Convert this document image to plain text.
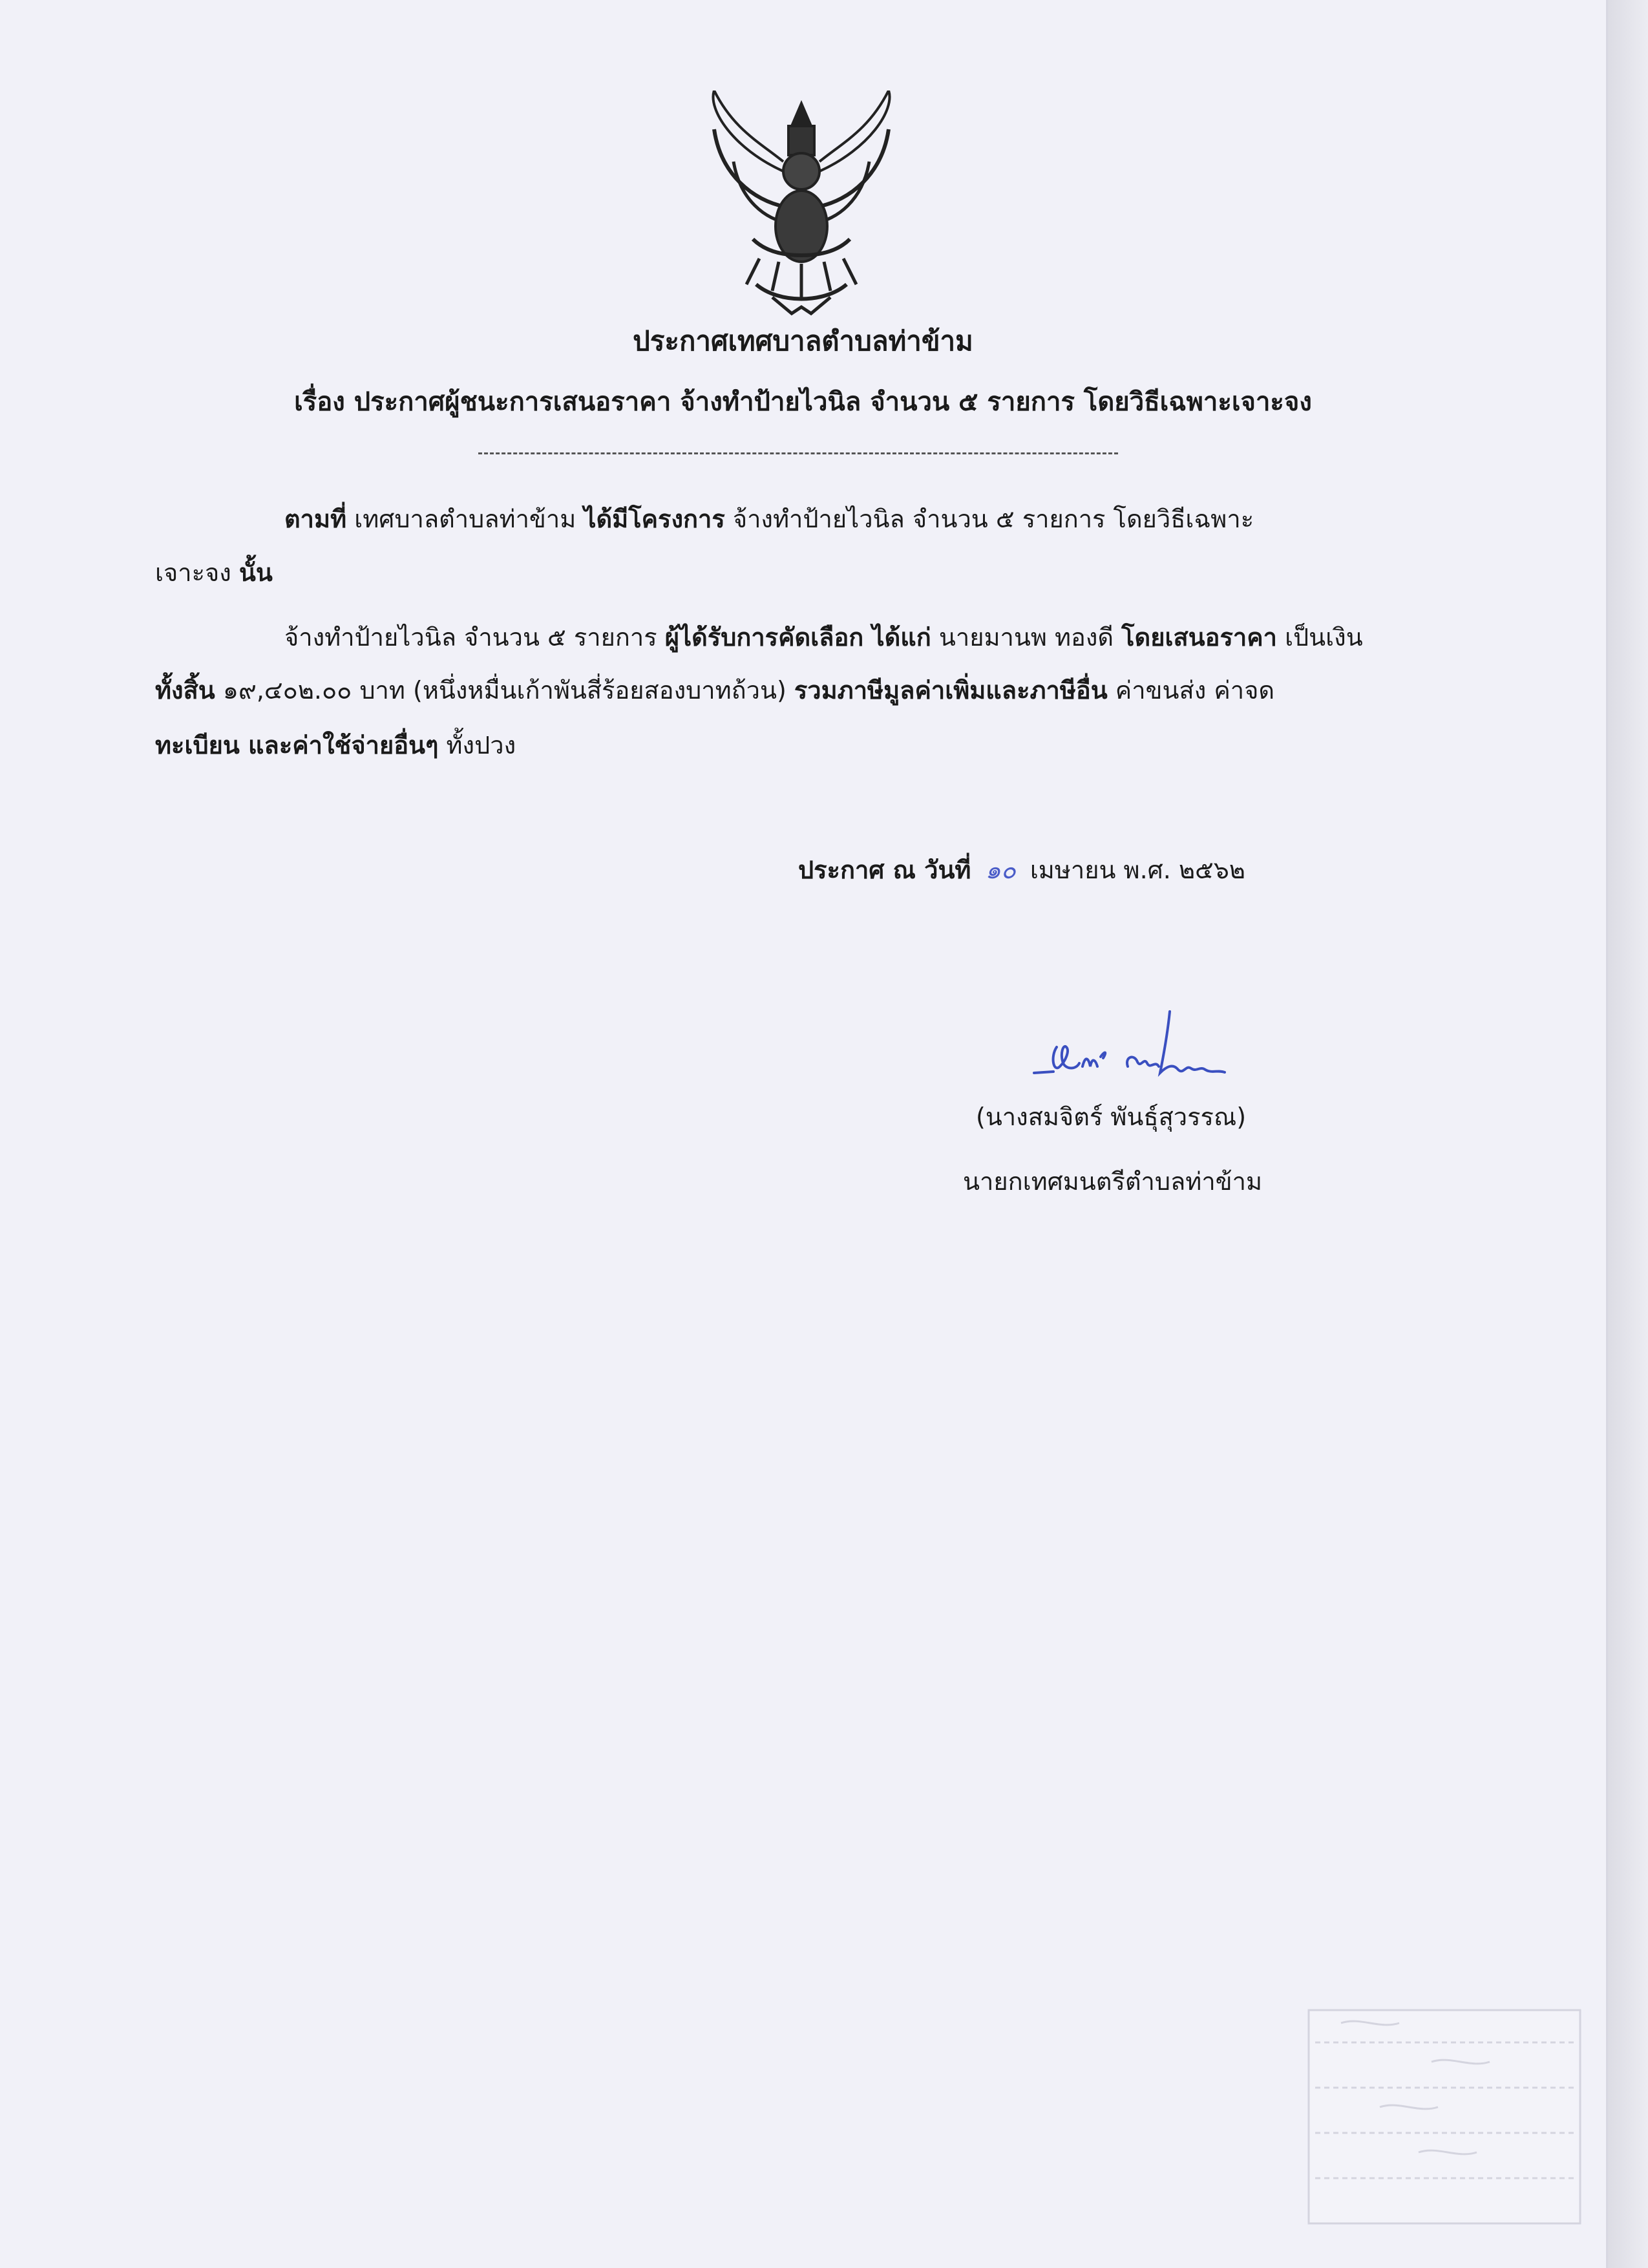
ประกาศเทศบาลตำบลท่าข้าม
เรื่อง ประกาศผู้ชนะการเสนอราคา จ้างทำป้ายไวนิล จำนวน ๕ รายการ โดยวิธีเฉพาะเจาะจง
ตามที่ เทศบาลตำบลท่าข้าม ได้มีโครงการ จ้างทำป้ายไวนิล จำนวน ๕ รายการ โดยวิธีเฉพาะ
เจาะจง นั้น
จ้างทำป้ายไวนิล จำนวน ๕ รายการ ผู้ได้รับการคัดเลือก ได้แก่ นายมานพ ทองดี โดยเสนอราคา เป็นเงิน
ทั้งสิ้น ๑๙,๔๐๒.๐๐ บาท (หนึ่งหมื่นเก้าพันสี่ร้อยสองบาทถ้วน) รวมภาษีมูลค่าเพิ่มและภาษีอื่น ค่าขนส่ง ค่าจด
ทะเบียน และค่าใช้จ่ายอื่นๆ ทั้งปวง
ประกาศ ณ วันที่ ๑๐ เมษายน พ.ศ. ๒๕๖๒
(นางสมจิตร์ พันธุ์สุวรรณ)
นายกเทศมนตรีตำบลท่าข้าม
